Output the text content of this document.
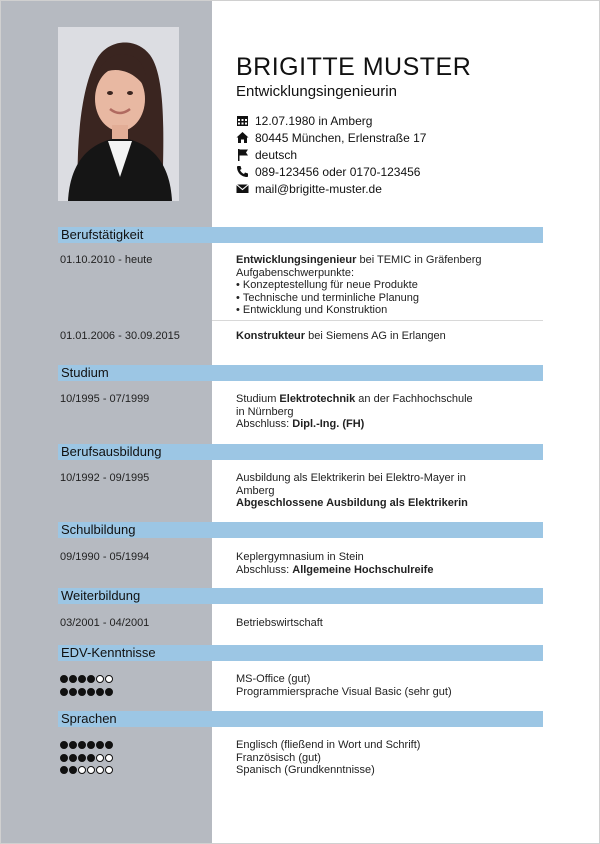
BRIGITTE MUSTER
Entwicklungsingenieurin
12.07.1980 in Amberg
80445 München, Erlenstraße 17
deutsch
089-123456 oder 0170-123456
mail@brigitte-muster.de
Berufstätigkeit
01.10.2010 - heute	Entwicklungsingenieur bei TEMIC in Gräfenberg
Aufgabenschwerpunkte:
• Konzeptestellung für neue Produkte
• Technische und terminliche Planung
• Entwicklung und Konstruktion
01.01.2006 - 30.09.2015	Konstrukteur bei Siemens AG in Erlangen
Studium
10/1995 - 07/1999	Studium Elektrotechnik an der Fachhochschule
in Nürnberg
Abschluss: Dipl.-Ing. (FH)
Berufsausbildung
10/1992 - 09/1995	Ausbildung als Elektrikerin bei Elektro-Mayer in
Amberg
Abgeschlossene Ausbildung als Elektrikerin
Schulbildung
09/1990 - 05/1994	Keplergymnasium in Stein
Abschluss: Allgemeine Hochschulreife
Weiterbildung
03/2001 - 04/2001	Betriebswirtschaft
EDV-Kenntnisse
MS-Office (gut)
Programmiersprache Visual Basic (sehr gut)
Sprachen
Englisch (fließend in Wort und Schrift)
Französisch (gut)
Spanisch (Grundkenntnisse)
